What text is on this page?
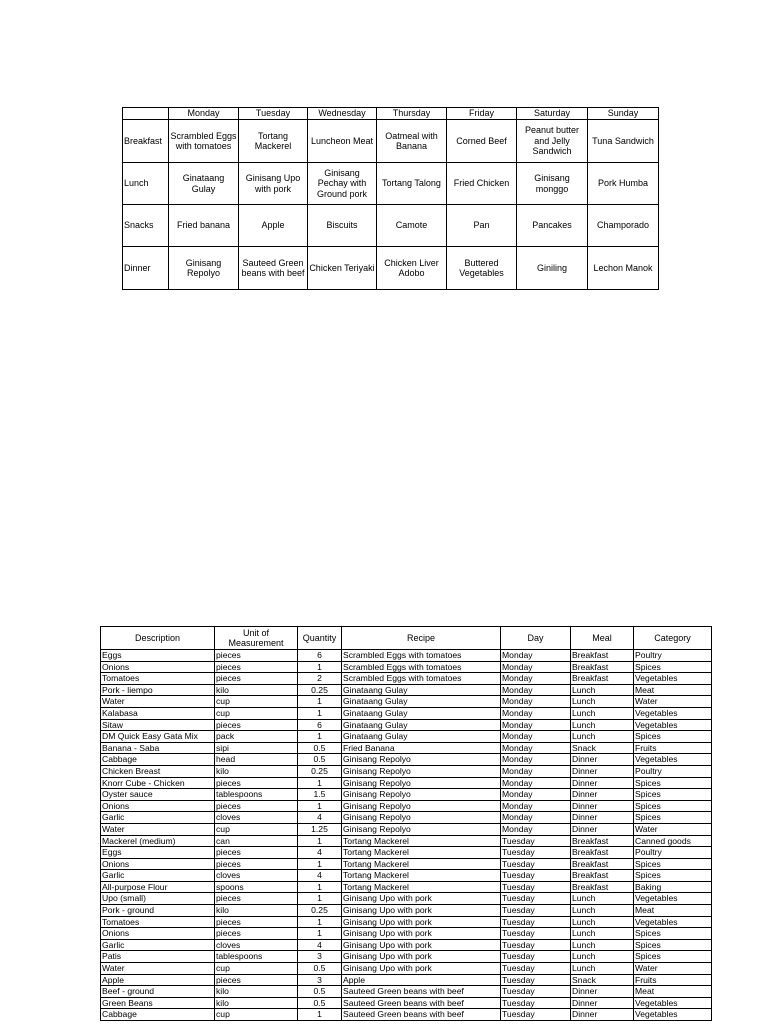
	Monday	Tuesday	Wednesday	Thursday	Friday	Saturday	Sunday
Breakfast	Scrambled Eggs with tomatoes	Tortang Mackerel	Luncheon Meat	Oatmeal with Banana	Corned Beef	Peanut butter and Jelly Sandwich	Tuna Sandwich
Lunch	Ginataang Gulay	Ginisang Upo with pork	Ginisang Pechay with Ground pork	Tortang Talong	Fried Chicken	Ginisang monggo	Pork Humba
Snacks	Fried banana	Apple	Biscuits	Camote	Pan	Pancakes	Champorado
Dinner	Ginisang Repolyo	Sauteed Green beans with beef	Chicken Teriyaki	Chicken Liver Adobo	Buttered Vegetables	Giniling	Lechon Manok
Description	Unit of Measurement	Quantity	Recipe	Day	Meal	Category
Eggs	pieces	6	Scrambled Eggs with tomatoes	Monday	Breakfast	Poultry
Onions	pieces	1	Scrambled Eggs with tomatoes	Monday	Breakfast	Spices
Tomatoes	pieces	2	Scrambled Eggs with tomatoes	Monday	Breakfast	Vegetables
Pork - liempo	kilo	0.25	Ginataang Gulay	Monday	Lunch	Meat
Water	cup	1	Ginataang Gulay	Monday	Lunch	Water
Kalabasa	cup	1	Ginataang Gulay	Monday	Lunch	Vegetables
Sitaw	pieces	6	Ginataang Gulay	Monday	Lunch	Vegetables
DM Quick Easy Gata Mix	pack	1	Ginataang Gulay	Monday	Lunch	Spices
Banana - Saba	sipi	0.5	Fried Banana	Monday	Snack	Fruits
Cabbage	head	0.5	Ginisang Repolyo	Monday	Dinner	Vegetables
Chicken Breast	kilo	0.25	Ginisang Repolyo	Monday	Dinner	Poultry
Knorr Cube - Chicken	pieces	1	Ginisang Repolyo	Monday	Dinner	Spices
Oyster sauce	tablespoons	1.5	Ginisang Repolyo	Monday	Dinner	Spices
Onions	pieces	1	Ginisang Repolyo	Monday	Dinner	Spices
Garlic	cloves	4	Ginisang Repolyo	Monday	Dinner	Spices
Water	cup	1.25	Ginisang Repolyo	Monday	Dinner	Water
Mackerel (medium)	can	1	Tortang Mackerel	Tuesday	Breakfast	Canned goods
Eggs	pieces	4	Tortang Mackerel	Tuesday	Breakfast	Poultry
Onions	pieces	1	Tortang Mackerel	Tuesday	Breakfast	Spices
Garlic	cloves	4	Tortang Mackerel	Tuesday	Breakfast	Spices
All-purpose Flour	spoons	1	Tortang Mackerel	Tuesday	Breakfast	Baking
Upo (small)	pieces	1	Ginisang Upo with pork	Tuesday	Lunch	Vegetables
Pork - ground	kilo	0.25	Ginisang Upo with pork	Tuesday	Lunch	Meat
Tomatoes	pieces	1	Ginisang Upo with pork	Tuesday	Lunch	Vegetables
Onions	pieces	1	Ginisang Upo with pork	Tuesday	Lunch	Spices
Garlic	cloves	4	Ginisang Upo with pork	Tuesday	Lunch	Spices
Patis	tablespoons	3	Ginisang Upo with pork	Tuesday	Lunch	Spices
Water	cup	0.5	Ginisang Upo with pork	Tuesday	Lunch	Water
Apple	pieces	3	Apple	Tuesday	Snack	Fruits
Beef - ground	kilo	0.5	Sauteed Green beans with beef	Tuesday	Dinner	Meat
Green Beans	kilo	0.5	Sauteed Green beans with beef	Tuesday	Dinner	Vegetables
Cabbage	cup	1	Sauteed Green beans with beef	Tuesday	Dinner	Vegetables
